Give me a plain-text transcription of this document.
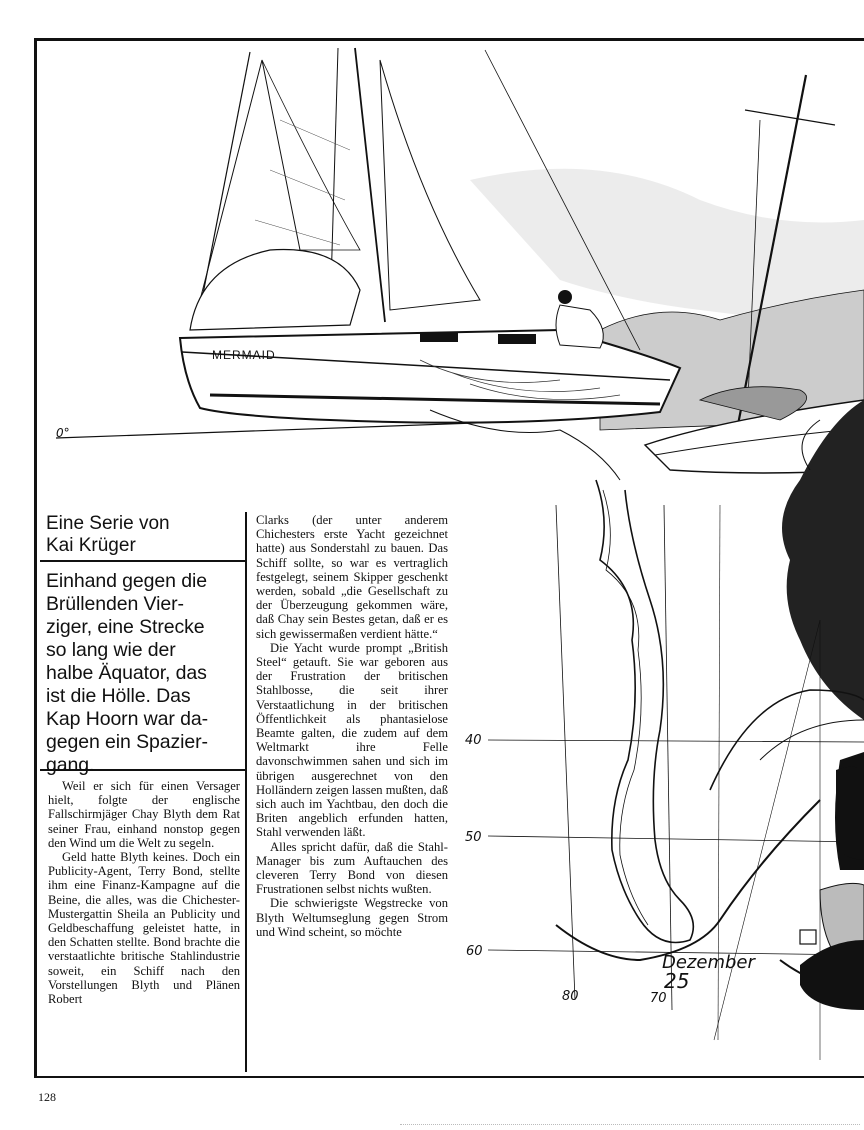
0°
MERMAID
40
50
60
80	70
Dezember
25
Eine Serie von
Kai Krüger
Einhand gegen die
Brüllenden Vier-
ziger, eine Strecke
so lang wie der
halbe Äquator, das
ist die Hölle. Das
Kap Hoorn war da-
gegen ein Spazier-
gang.

Weil er sich für einen Versager hielt, folgte der englische Fallschirmjäger Chay Blyth dem Rat seiner Frau, einhand nonstop gegen den Wind um die Welt zu segeln.

Geld hatte Blyth keines. Doch ein Publicity-Agent, Terry Bond, stellte ihm eine Finanz-Kampagne auf die Beine, die alles, was die Chichester-Mustergattin Sheila an Publicity und Geldbeschaffung geleistet hatte, in den Schatten stellte. Bond brachte die verstaatlichte britische Stahlindustrie soweit, ein Schiff nach den Vorstellungen Blyth und Plänen Robert

Clarks (der unter anderem Chichesters erste Yacht gezeichnet hatte) aus Sonderstahl zu bauen. Das Schiff sollte, so war es vertraglich festgelegt, seinem Skipper geschenkt werden, sobald „die Gesellschaft zu der Überzeugung gekommen wäre, daß Chay sein Bestes getan, daß er es sich gewissermaßen verdient hätte.“

Die Yacht wurde prompt „British Steel“ getauft. Sie war geboren aus der Frustration der britischen Stahlbosse, die seit ihrer Verstaatlichung in der britischen Öffentlichkeit als phantasielose Beamte galten, die zudem auf dem Weltmarkt ihre Felle davonschwimmen sahen und sich im übrigen ausgerechnet von den Holländern zeigen lassen mußten, daß sich auch im Yachtbau, den doch die Briten angeblich erfunden hatten, Stahl verwenden läßt.

Alles spricht dafür, daß die Stahl-Manager bis zum Auftauchen des cleveren Terry Bond von diesen Frustrationen selbst nichts wußten.

Die schwierigste Wegstrecke von Blyth Weltumseglung gegen Strom und Wind scheint, so möchte

128
